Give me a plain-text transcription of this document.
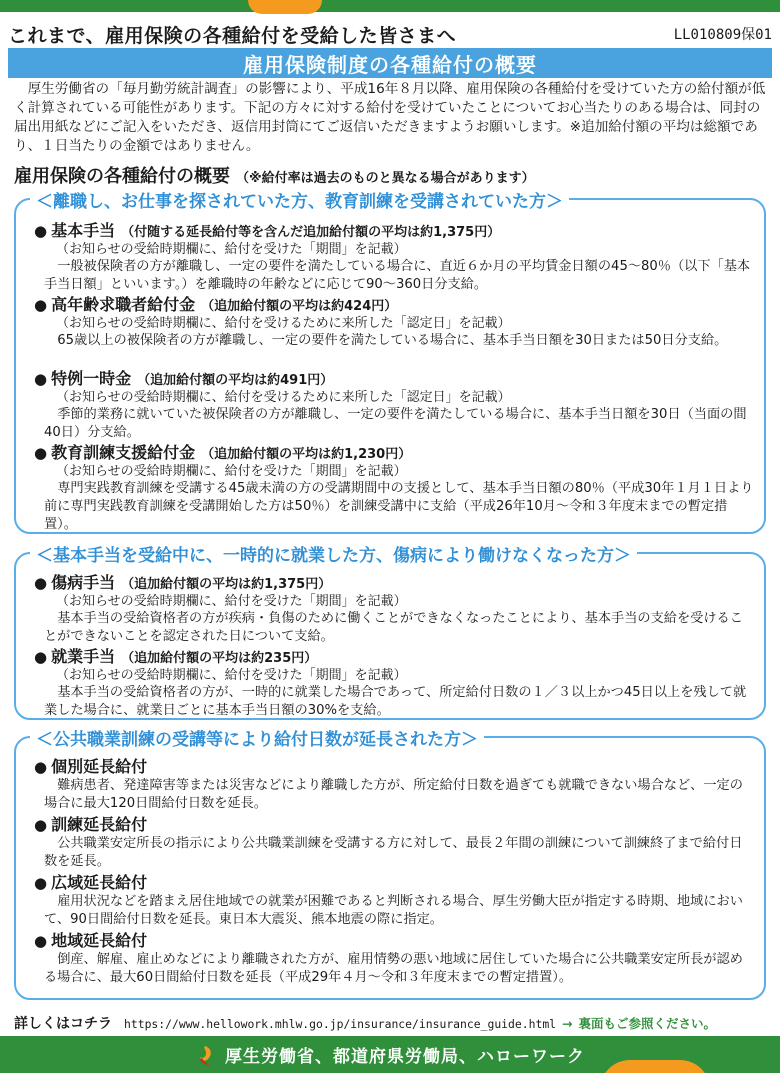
これまで、雇用保険の各種給付を受給した皆さまへ	LL010809保01
雇用保険制度の各種給付の概要

厚生労働省の「毎月勤労統計調査」の影響により、平成16年８月以降、雇用保険の各種給付を受けていた方の給付額が低く計算されている可能性があります。下記の方々に対する給付を受けていたことについてお心当たりのある場合は、同封の届出用紙などにご記入をいただき、返信用封筒にてご返信いただきますようお願いします。※追加給付額の平均は総額であり、１日当たりの金額ではありません。

雇用保険の各種給付の概要 （※給付率は過去のものと異なる場合があります）
＜離職し、お仕事を探されていた方、教育訓練を受講されていた方＞
● 基本手当 （付随する延長給付等を含んだ追加給付額の平均は約1,375円）
（お知らせの受給時期欄に、給付を受けた「期間」を記載）
一般被保険者の方が離職し、一定の要件を満たしている場合に、直近６か月の平均賃金日額の45～80％（以下「基本手当日額」といいます。）を離職時の年齢などに応じて90～360日分支給。
● 高年齢求職者給付金 （追加給付額の平均は約424円）
（お知らせの受給時期欄に、給付を受けるために来所した「認定日」を記載）
65歳以上の被保険者の方が離職し、一定の要件を満たしている場合に、基本手当日額を30日または50日分支給。
● 特例一時金 （追加給付額の平均は約491円）
（お知らせの受給時期欄に、給付を受けるために来所した「認定日」を記載）
季節的業務に就いていた被保険者の方が離職し、一定の要件を満たしている場合に、基本手当日額を30日（当面の間40日）分支給。
● 教育訓練支援給付金 （追加給付額の平均は約1,230円）
（お知らせの受給時期欄に、給付を受けた「期間」を記載）
専門実践教育訓練を受講する45歳未満の方の受講期間中の支援として、基本手当日額の80％（平成30年１月１日より前に専門実践教育訓練を受講開始した方は50％）を訓練受講中に支給（平成26年10月～令和３年度末までの暫定措置）。
＜基本手当を受給中に、一時的に就業した方、傷病により働けなくなった方＞
● 傷病手当 （追加給付額の平均は約1,375円）
（お知らせの受給時期欄に、給付を受けた「期間」を記載）
基本手当の受給資格者の方が疾病・負傷のために働くことができなくなったことにより、基本手当の支給を受けることができないことを認定された日について支給。
● 就業手当 （追加給付額の平均は約235円）
（お知らせの受給時期欄に、給付を受けた「期間」を記載）
基本手当の受給資格者の方が、一時的に就業した場合であって、所定給付日数の１／３以上かつ45日以上を残して就業した場合に、就業日ごとに基本手当日額の30%を支給。
＜公共職業訓練の受講等により給付日数が延長された方＞
● 個別延長給付
難病患者、発達障害等または災害などにより離職した方が、所定給付日数を過ぎても就職できない場合など、一定の場合に最大120日間給付日数を延長。
● 訓練延長給付
公共職業安定所長の指示により公共職業訓練を受講する方に対して、最長２年間の訓練について訓練終了まで給付日数を延長。
● 広域延長給付
雇用状況などを踏まえ居住地域での就業が困難であると判断される場合、厚生労働大臣が指定する時期、地域において、90日間給付日数を延長。東日本大震災、熊本地震の際に指定。
● 地域延長給付
倒産、解雇、雇止めなどにより離職された方が、雇用情勢の悪い地域に居住していた場合に公共職業安定所長が認める場合に、最大60日間給付日数を延長（平成29年４月～令和３年度末までの暫定措置）。
詳しくはコチラ https://www.hellowork.mhlw.go.jp/insurance/insurance_guide.html → 裏面もご参照ください。
厚生労働省、都道府県労働局、ハローワーク
